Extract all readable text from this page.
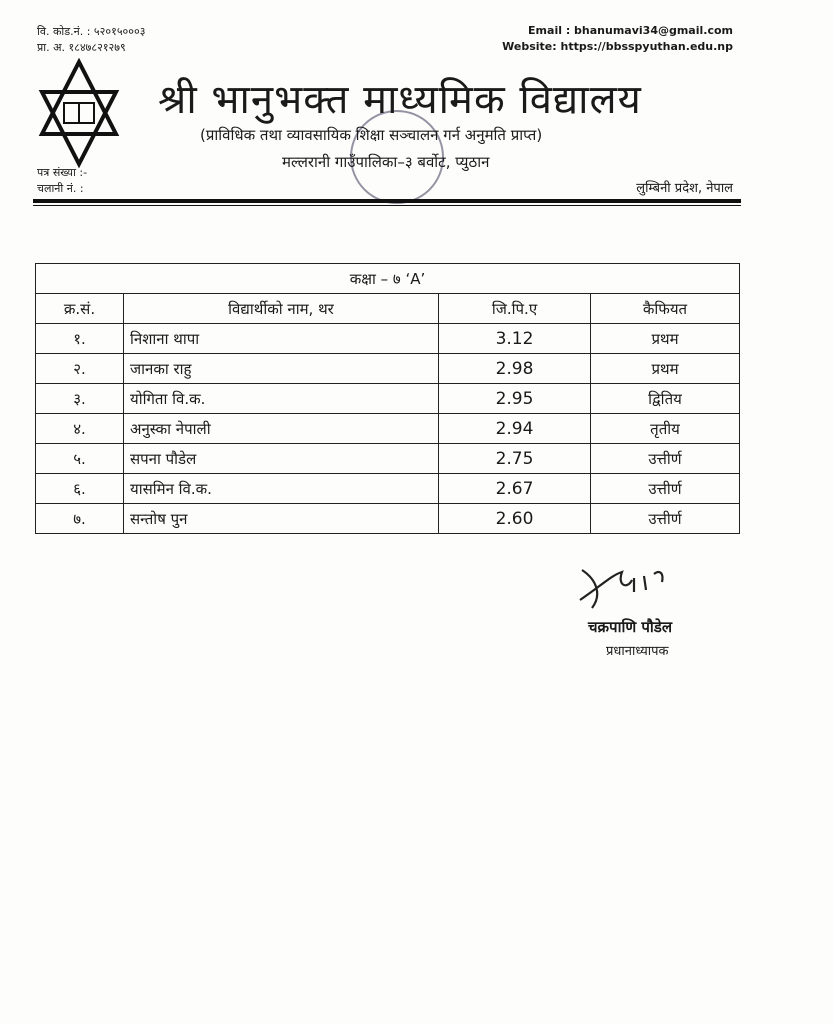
वि. कोड.नं. : ५२०१५०००३
प्रा. अ. १८४७८२१२७९
Email : bhanumavi34@gmail.com
Website: https://bbsspyuthan.edu.np
श्री भानुभक्त माध्यमिक विद्यालय
(प्राविधिक तथा व्यावसायिक शिक्षा सञ्चालन गर्न अनुमति प्राप्त)
मल्लरानी गाउँपालिका–३ बर्वोट, प्युठान
पत्र संख्या :-
चलानी नं. :	लुम्बिनी प्रदेश, नेपाल
कक्षा – ७ ‘A’			
क्र.सं.	विद्यार्थीको नाम, थर	जि.पि.ए	कैफियत
१.	निशाना थापा	3.12	प्रथम
२.	जानका राहु	2.98	प्रथम
३.	योगिता वि.क.	2.95	द्वितिय
४.	अनुस्का नेपाली	2.94	तृतीय
५.	सपना पौडेल	2.75	उत्तीर्ण
६.	यासमिन वि.क.	2.67	उत्तीर्ण
७.	सन्तोष पुन	2.60	उत्तीर्ण
चक्रपाणि पौडेल
प्रधानाध्यापक
